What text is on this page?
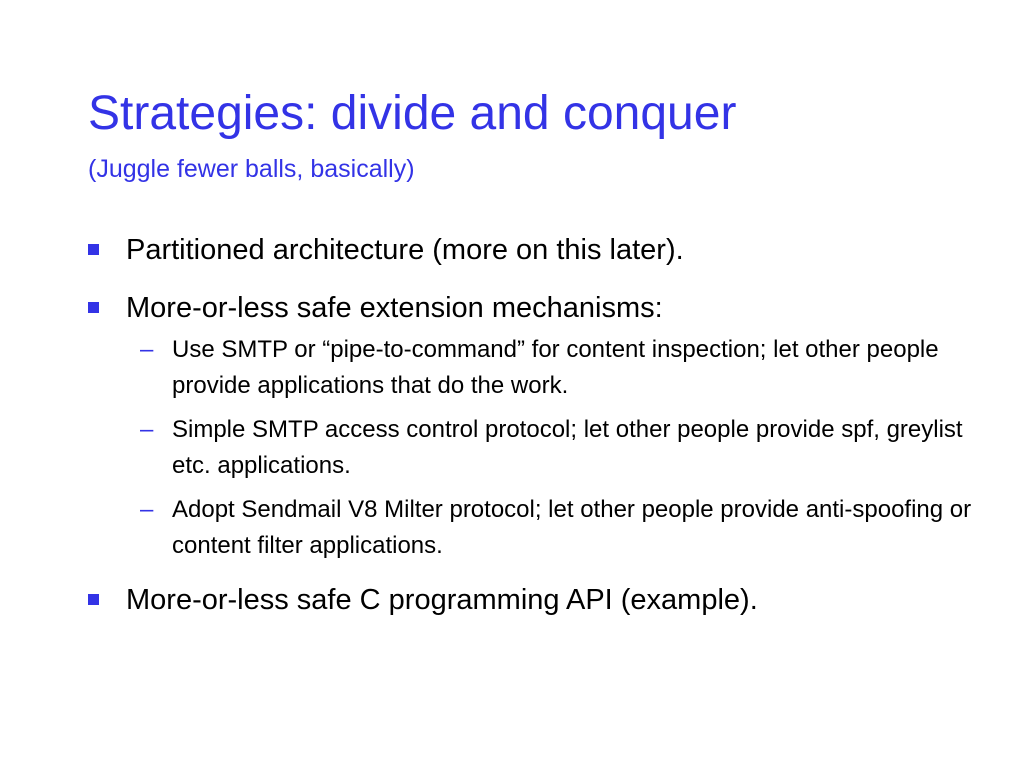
Strategies: divide and conquer
(Juggle fewer balls, basically)
Partitioned architecture (more on this later).
More-or-less safe extension mechanisms:
– Use SMTP or “pipe-to-command” for content inspection; let other people provide applications that do the work.
– Simple SMTP access control protocol; let other people provide spf, greylist etc. applications.
– Adopt Sendmail V8 Milter protocol; let other people provide anti-spoofing or content filter applications.
More-or-less safe C programming API (example).
